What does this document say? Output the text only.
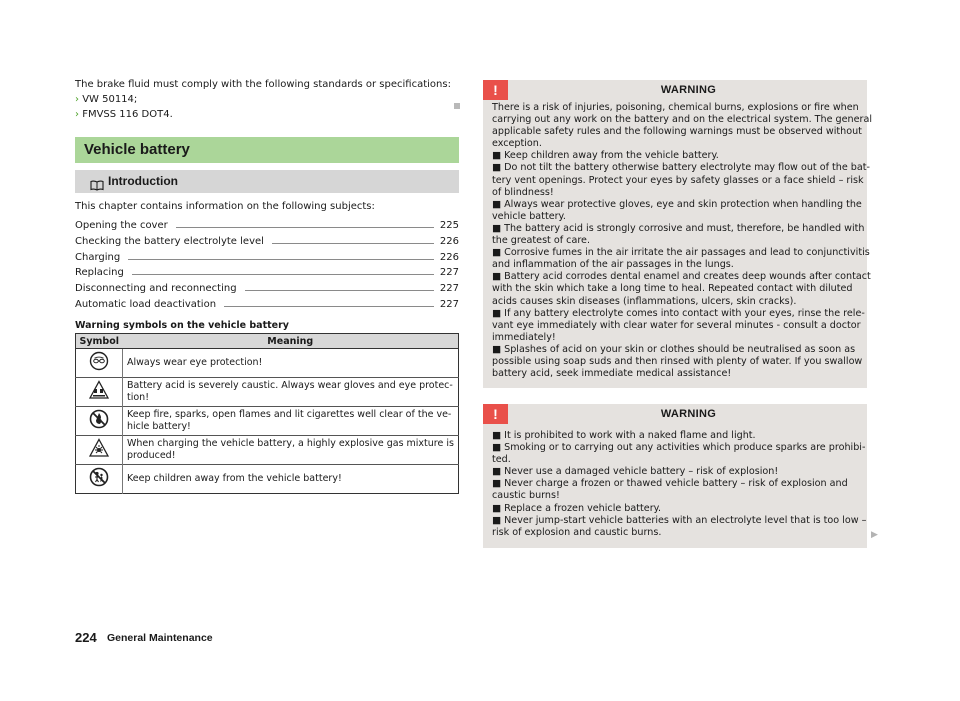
The brake fluid must comply with the following standards or specifications:
› VW 50114;
› FMVSS 116 DOT4.
Vehicle battery
Introduction
This chapter contains information on the following subjects:
Opening the cover	225
Checking the battery electrolyte level	226
Charging	226
Replacing	227
Disconnecting and reconnecting	227
Automatic load deactivation	227
Warning symbols on the vehicle battery
Symbol	Meaning

Always wear eye protection!

Battery acid is severely caustic. Always wear gloves and eye protec-
tion!

Keep fire, sparks, open flames and lit cigarettes well clear of the ve-
hicle battery!

When charging the vehicle battery, a highly explosive gas mixture is
produced!

Keep children away from the vehicle battery!
!	WARNING
There is a risk of injuries, poisoning, chemical burns, explosions or fire when
carrying out any work on the battery and on the electrical system. The general
applicable safety rules and the following warnings must be observed without
exception.
■ Keep children away from the vehicle battery.
■ Do not tilt the battery otherwise battery electrolyte may flow out of the bat-
tery vent openings. Protect your eyes by safety glasses or a face shield – risk
of blindness!
■ Always wear protective gloves, eye and skin protection when handling the
vehicle battery.
■ The battery acid is strongly corrosive and must, therefore, be handled with
the greatest of care.
■ Corrosive fumes in the air irritate the air passages and lead to conjunctivitis
and inflammation of the air passages in the lungs.
■ Battery acid corrodes dental enamel and creates deep wounds after contact
with the skin which take a long time to heal. Repeated contact with diluted
acids causes skin diseases (inflammations, ulcers, skin cracks).
■ If any battery electrolyte comes into contact with your eyes, rinse the rele-
vant eye immediately with clear water for several minutes - consult a doctor
immediately!
■ Splashes of acid on your skin or clothes should be neutralised as soon as
possible using soap suds and then rinsed with plenty of water. If you swallow
battery acid, seek immediate medical assistance!
!	WARNING
■ It is prohibited to work with a naked flame and light.
■ Smoking or to carrying out any activities which produce sparks are prohibi-
ted.
■ Never use a damaged vehicle battery – risk of explosion!
■ Never charge a frozen or thawed vehicle battery – risk of explosion and
caustic burns!
■ Replace a frozen vehicle battery.
■ Never jump-start vehicle batteries with an electrolyte level that is too low –
risk of explosion and caustic burns.	▶
224 General Maintenance
